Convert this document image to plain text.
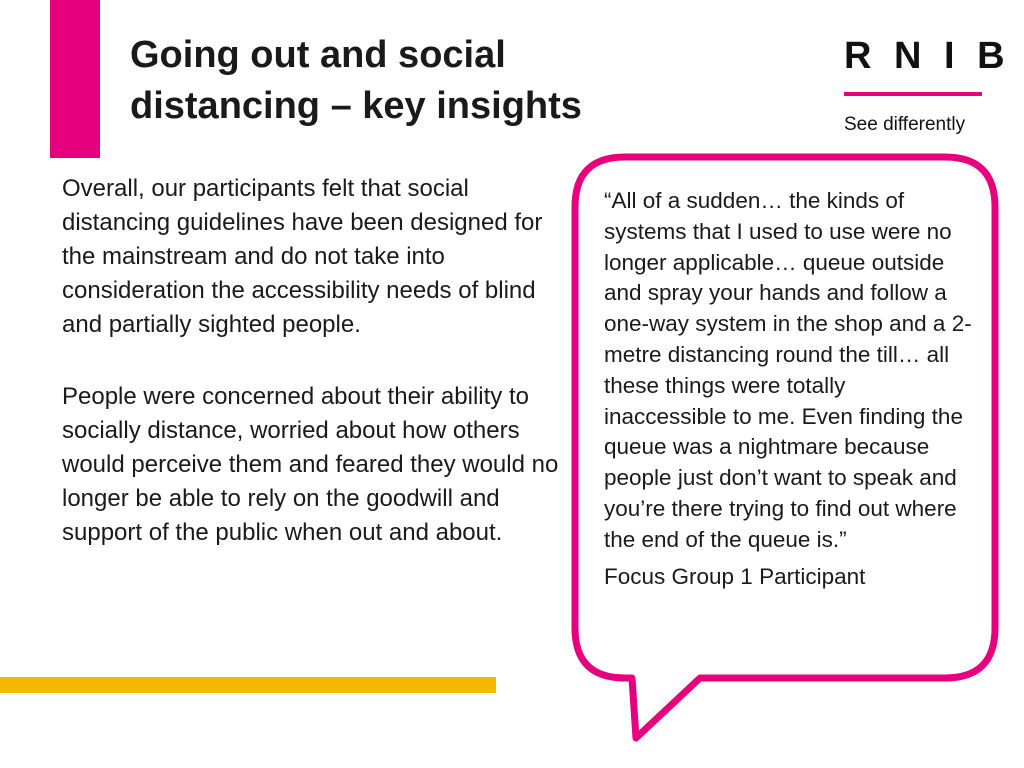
Going out and social distancing – key insights
R N I B
See differently

Overall, our participants felt that social distancing guidelines have been designed for the mainstream and do not take into consideration the accessibility needs of blind and partially sighted people.

People were concerned about their ability to socially distance, worried about how others would perceive them and feared they would no longer be able to rely on the goodwill and support of the public when out and about.

“All of a sudden… the kinds of systems that I used to use were no longer applicable… queue outside and spray your hands and follow a one-way system in the shop and a 2-metre distancing round the till… all these things were totally inaccessible to me. Even finding the queue was a nightmare because people just don’t want to speak and you’re there trying to find out where the end of the queue is.”

Focus Group 1 Participant
